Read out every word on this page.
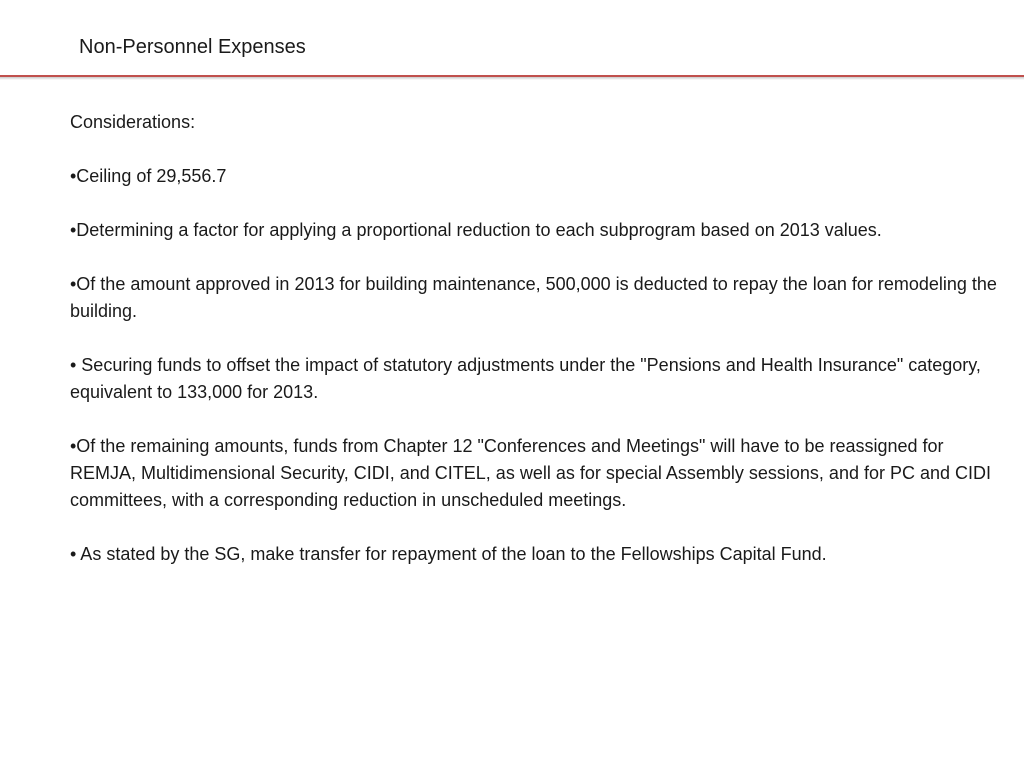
Non-Personnel Expenses

Considerations:

•Ceiling of 29,556.7

•Determining a factor for applying a proportional reduction to each subprogram based on 2013 values.

•Of the amount approved in 2013 for building maintenance, 500,000 is deducted to repay the loan for remodeling the building.

• Securing funds to offset the impact of statutory adjustments under the "Pensions and Health Insurance" category, equivalent to 133,000 for 2013.

•Of the remaining amounts, funds from Chapter 12 "Conferences and Meetings" will have to be reassigned for REMJA, Multidimensional Security, CIDI, and CITEL, as well as for special Assembly sessions, and for PC and CIDI committees, with a corresponding reduction in unscheduled meetings.

• As stated by the SG, make transfer for repayment of the loan to the Fellowships Capital Fund.
